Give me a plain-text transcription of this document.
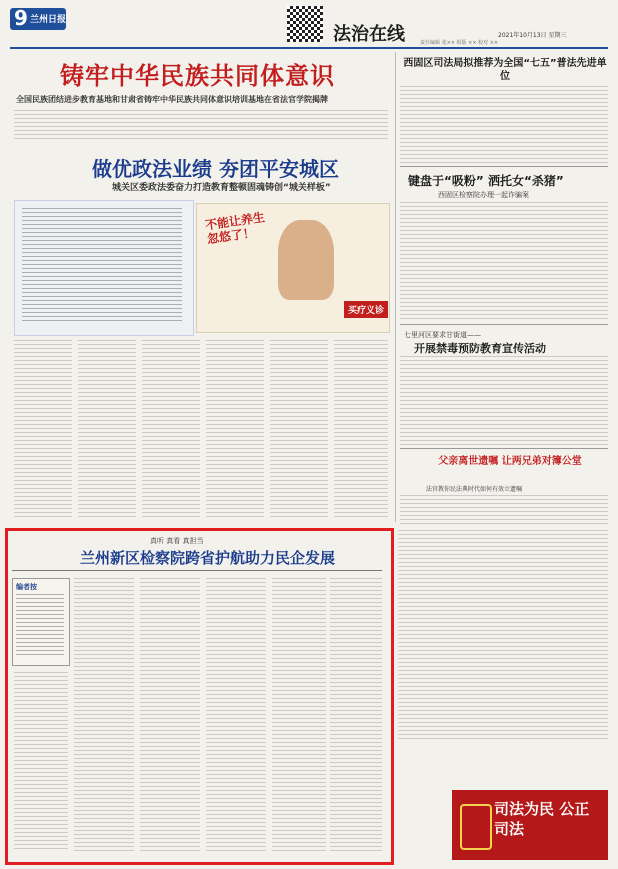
9 兰州日报
法治在线	2021年10月13日 星期三
责任编辑 张×× 组版 ×× 校对 ××
铸牢中华民族共同体意识
全国民族团结进步教育基地和甘肃省铸牢中华民族共同体意识培训基地在省法官学院揭牌
做优政法业绩 夯团平安城区
城关区委政法委奋力打造教育整顿固魂铸创“城关样板”
不能让养生忽悠了！
买疗义诊
西固区司法局拟推荐为全国“七五”普法先进单位
键盘于“吸粉” 洒托女“杀猪”
西固区检察院办理一起诈骗案
七里河区要求甘街道——
开展禁毒预防教育宣传活动
父亲离世遗嘱 让两兄弟对簿公堂
法官教你民法典时代如何有效立遗嘱
司法为民 公正司法
真听 真看 真担当
兰州新区检察院跨省护航助力民企发展
编者按
